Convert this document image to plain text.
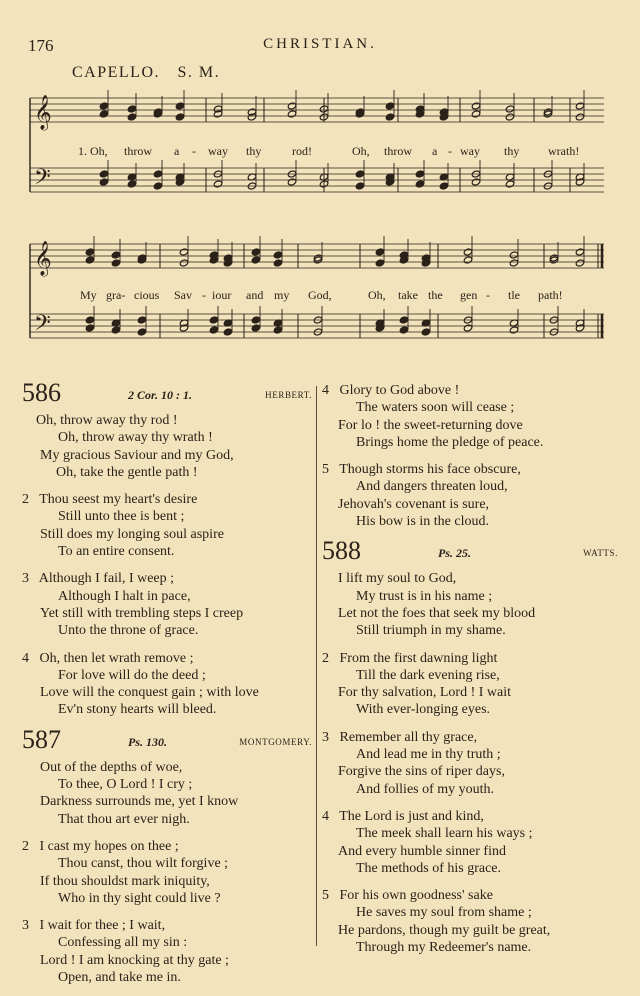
176	CHRISTIAN.
CAPELLO. S. M.
𝄞
𝄢
1. Oh, throw a - way thy	rod!	Oh, throw a - way thy wrath!
𝄞
𝄢
My gra- cious Sav - iour and my God,	Oh, take the gen - tle path!
586	2 Cor. 10 : 1.	HERBERT.
Oh, throw away thy rod !
Oh, throw away thy wrath !
My gracious Saviour and my God,
Oh, take the gentle path !
2 Thou seest my heart's desire
Still unto thee is bent ;
Still does my longing soul aspire
To an entire consent.
3 Although I fail, I weep ;
Although I halt in pace,
Yet still with trembling steps I creep
Unto the throne of grace.
4 Oh, then let wrath remove ;
For love will do the deed ;
Love will the conquest gain ; with love
Ev'n stony hearts will bleed.
587	Ps. 130.	MONTGOMERY.
Out of the depths of woe,
To thee, O Lord ! I cry ;
Darkness surrounds me, yet I know
That thou art ever nigh.
2 I cast my hopes on thee ;
Thou canst, thou wilt forgive ;
If thou shouldst mark iniquity,
Who in thy sight could live ?
3 I wait for thee ; I wait,
Confessing all my sin :
Lord ! I am knocking at thy gate ;
Open, and take me in.
4 Glory to God above !
The waters soon will cease ;
For lo ! the sweet-returning dove
Brings home the pledge of peace.
5 Though storms his face obscure,
And dangers threaten loud,
Jehovah's covenant is sure,
His bow is in the cloud.
588	Ps. 25.	WATTS.
I lift my soul to God,
My trust is in his name ;
Let not the foes that seek my blood
Still triumph in my shame.
2 From the first dawning light
Till the dark evening rise,
For thy salvation, Lord ! I wait
With ever-longing eyes.
3 Remember all thy grace,
And lead me in thy truth ;
Forgive the sins of riper days,
And follies of my youth.
4 The Lord is just and kind,
The meek shall learn his ways ;
And every humble sinner find
The methods of his grace.
5 For his own goodness' sake
He saves my soul from shame ;
He pardons, though my guilt be great,
Through my Redeemer's name.
